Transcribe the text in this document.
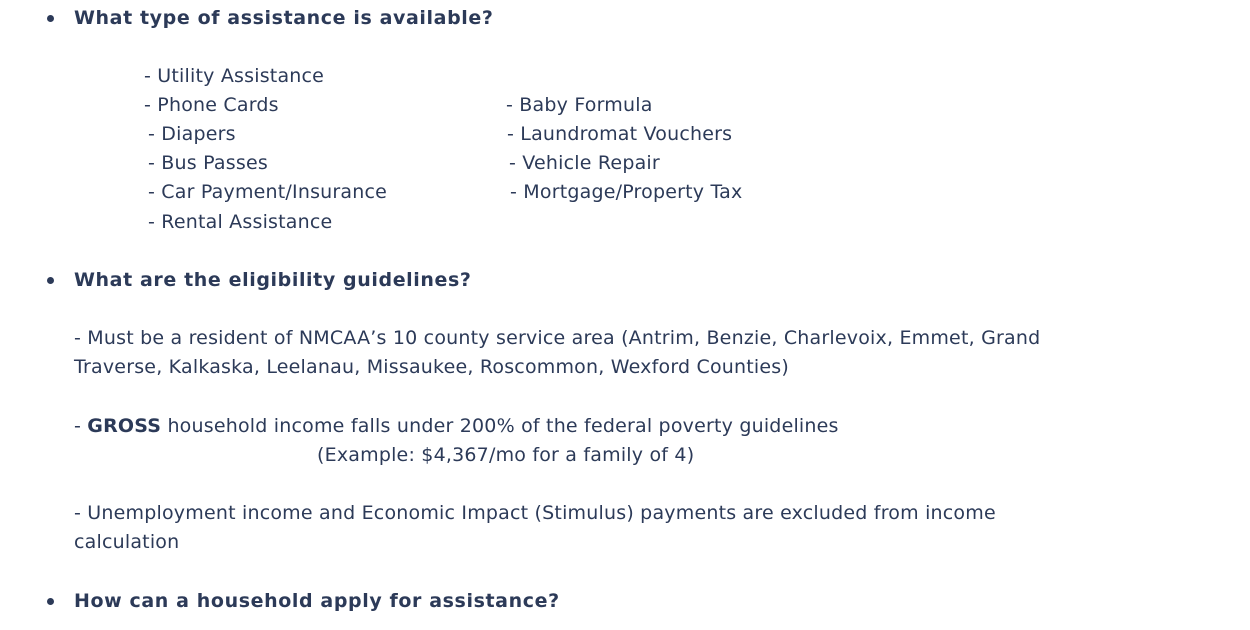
What type of assistance is available?
- Utility Assistance
- Phone Cards
- Diapers
- Bus Passes
- Car Payment/Insurance
- Rental Assistance
- Baby Formula
- Laundromat Vouchers
- Vehicle Repair
- Mortgage/Property Tax
What are the eligibility guidelines?
- Must be a resident of NMCAA’s 10 county service area (Antrim, Benzie, Charlevoix, Emmet, Grand
Traverse, Kalkaska, Leelanau, Missaukee, Roscommon, Wexford Counties)
- GROSS household income falls under 200% of the federal poverty guidelines
(Example: $4,367/mo for a family of 4)
- Unemployment income and Economic Impact (Stimulus) payments are excluded from income
calculation
How can a household apply for assistance?
